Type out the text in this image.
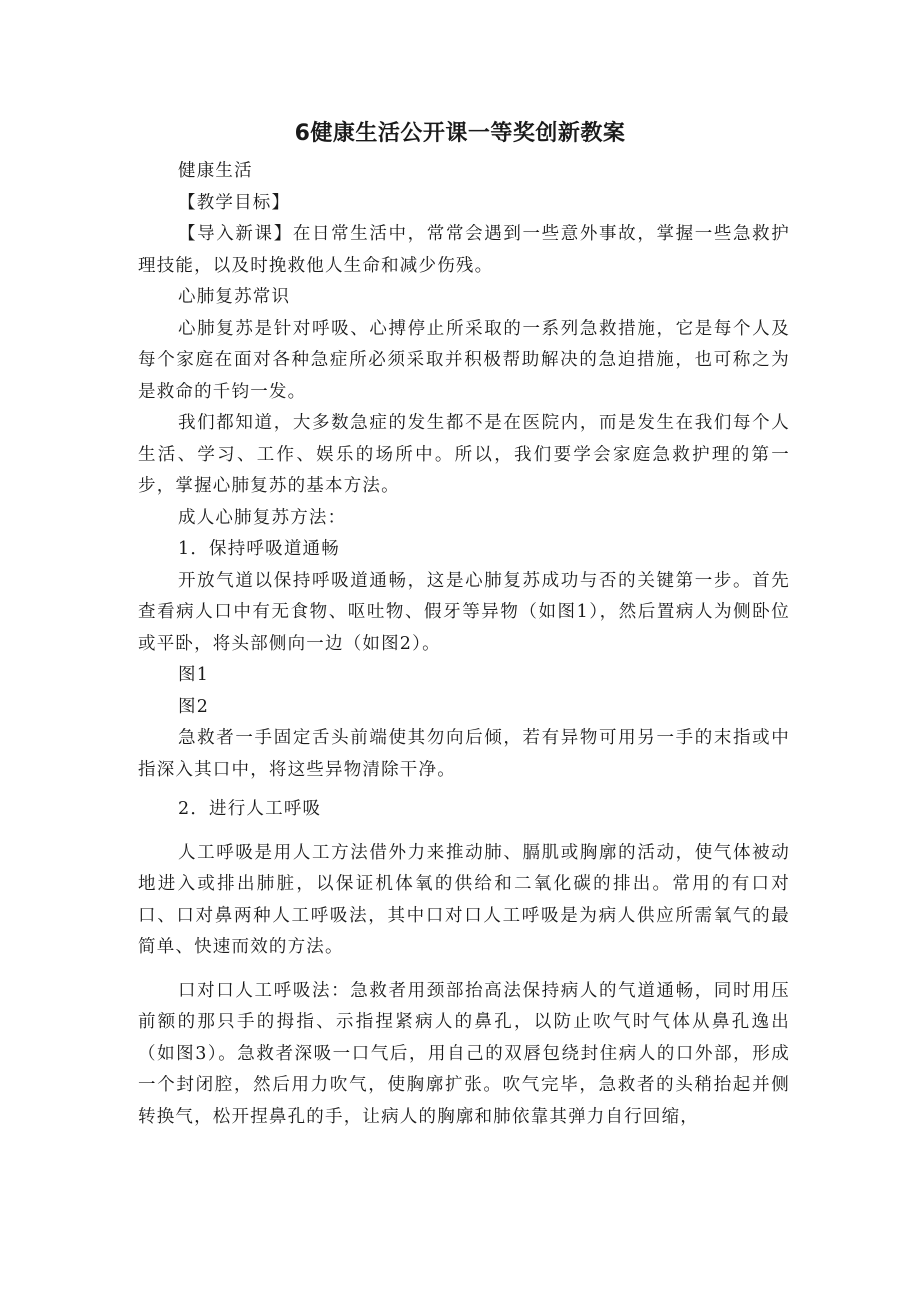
6健康生活公开课一等奖创新教案

健康生活

【教学目标】

【导入新课】在日常生活中，常常会遇到一些意外事故，掌握一些急救护理技能，以及时挽救他人生命和减少伤残。

心肺复苏常识

心肺复苏是针对呼吸、心搏停止所采取的一系列急救措施，它是每个人及每个家庭在面对各种急症所必须采取并积极帮助解决的急迫措施，也可称之为是救命的千钧一发。

我们都知道，大多数急症的发生都不是在医院内，而是发生在我们每个人生活、学习、工作、娱乐的场所中。所以，我们要学会家庭急救护理的第一步，掌握心肺复苏的基本方法。

成人心肺复苏方法：

1．保持呼吸道通畅

开放气道以保持呼吸道通畅，这是心肺复苏成功与否的关键第一步。首先查看病人口中有无食物、呕吐物、假牙等异物（如图1），然后置病人为侧卧位或平卧，将头部侧向一边（如图2）。

图1

图2

急救者一手固定舌头前端使其勿向后倾，若有异物可用另一手的末指或中指深入其口中，将这些异物清除干净。

2．进行人工呼吸

人工呼吸是用人工方法借外力来推动肺、膈肌或胸廓的活动，使气体被动地进入或排出肺脏，以保证机体氧的供给和二氧化碳的排出。常用的有口对口、口对鼻两种人工呼吸法，其中口对口人工呼吸是为病人供应所需氧气的最简单、快速而效的方法。

口对口人工呼吸法：急救者用颈部抬高法保持病人的气道通畅，同时用压前额的那只手的拇指、示指捏紧病人的鼻孔，以防止吹气时气体从鼻孔逸出（如图3）。急救者深吸一口气后，用自己的双唇包绕封住病人的口外部，形成一个封闭腔，然后用力吹气，使胸廓扩张。吹气完毕，急救者的头稍抬起并侧转换气，松开捏鼻孔的手，让病人的胸廓和肺依靠其弹力自行回缩，
